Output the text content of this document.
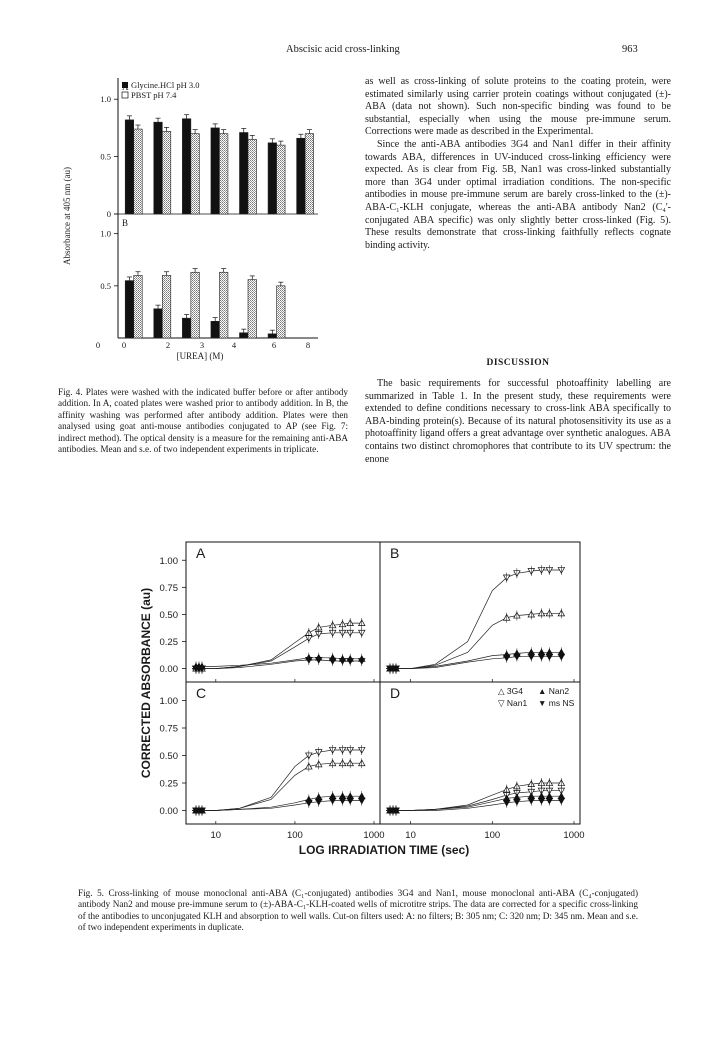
Abscisic acid cross-linking	963
1.0
0.5
0
1.0
0.5
B
0	0	2	3	4	6	8
[UREA] (M)
Absorbance at 405 nm (au)
Glycine.HCl pH 3.0
PBST pH 7.4
Fig. 4. Plates were washed with the indicated buffer before or after antibody addition. In A, coated plates were washed prior to antibody addition. In B, the affinity washing was performed after antibody addition. Plates were then analysed using goat anti-mouse antibodies conjugated to AP (see Fig. 7: indirect method). The optical density is a measure for the remaining anti-ABA antibodies. Mean and s.e. of two independent experiments in triplicate.

as well as cross-linking of solute proteins to the coating protein, were estimated similarly using carrier protein coatings without conjugated (±)-ABA (data not shown). Such non-specific binding was found to be substantial, especially when using the mouse pre-immune serum. Corrections were made as described in the Experimental.

Since the anti-ABA antibodies 3G4 and Nan1 differ in their affinity towards ABA, differences in UV-induced cross-linking efficiency were expected. As is clear from Fig. 5B, Nan1 was cross-linked substantially more than 3G4 under optimal irradiation conditions. The non-specific antibodies in mouse pre-immune serum are barely cross-linked to the (±)-ABA-C₁-KLH conjugate, whereas the anti-ABA antibody Nan2 (C₄'-conjugated ABA specific) was only slightly better cross-linked (Fig. 5). These results demonstrate that cross-linking faithfully reflects cognate binding activity.

DISCUSSION

The basic requirements for successful photoaffinity labelling are summarized in Table 1. In the present study, these requirements were extended to define conditions necessary to cross-link ABA specifically to ABA-binding protein(s). Because of its natural photosensitivity its use as a photoaffinity ligand offers a great advantage over synthetic analogues. ABA contains two distinct chromophores that contribute to its UV spectrum: the enone

1.00
0.75
0.50
0.25
0.00
A	B
1.00
0.75
0.50
0.25
0.00
C	D
10	10
100	100
1000	1000
LOG IRRADIATION TIME (sec)
CORRECTED ABSORBANCE (au)	△ 3G4 ▲ Nan2
▽ Nan1 ▼ ms NS
Fig. 5. Cross-linking of mouse monoclonal anti-ABA (C₁-conjugated) antibodies 3G4 and Nan1, mouse monoclonal anti-ABA (C₄-conjugated) antibody Nan2 and mouse pre-immune serum to (±)-ABA-C₁-KLH-coated wells of microtitre strips. The data are corrected for a specific cross-linking of the antibodies to unconjugated KLH and absorption to well walls. Cut-on filters used: A: no filters; B: 305 nm; C: 320 nm; D: 345 nm. Mean and s.e. of two independent experiments in duplicate.
